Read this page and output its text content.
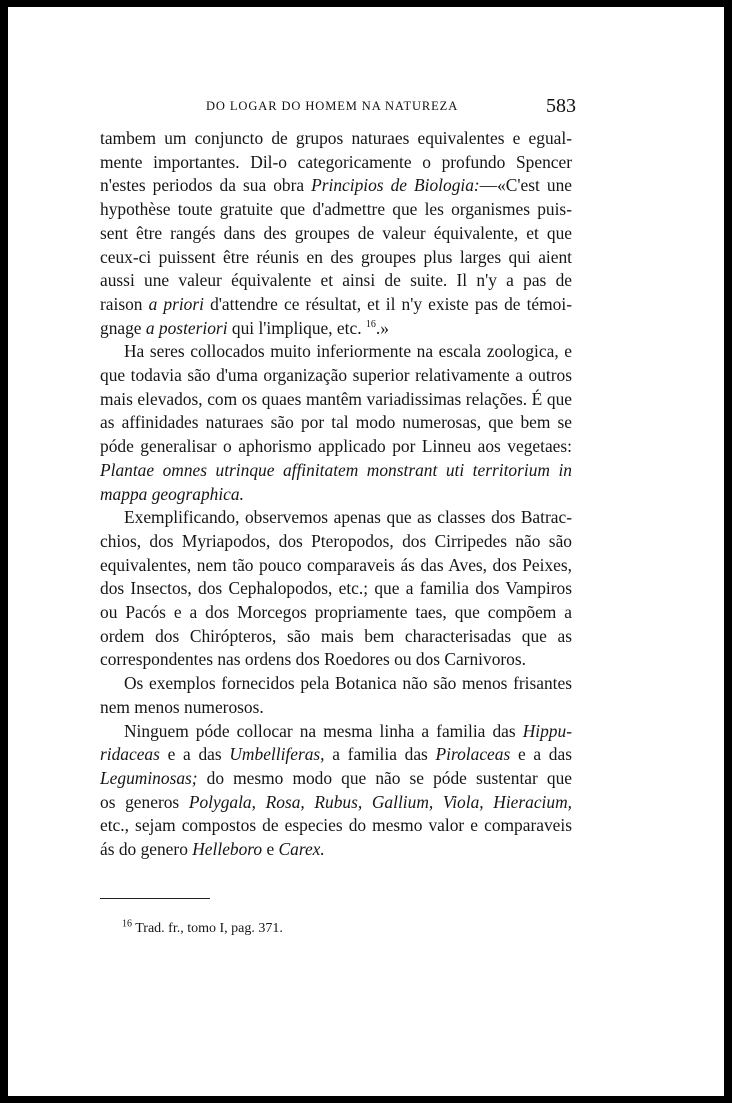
DO LOGAR DO HOMEM NA NATUREZA	583
tambem um conjuncto de grupos naturaes equivalentes e egual-
mente importantes. Dil-o categoricamente o profundo Spencer
n'estes periodos da sua obra Principios de Biologia:—«C'est une
hypothèse toute gratuite que d'admettre que les organismes puis-
sent être rangés dans des groupes de valeur équivalente, et que
ceux-ci puissent être réunis en des groupes plus larges qui aient
aussi une valeur équivalente et ainsi de suite. Il n'y a pas de
raison a priori d'attendre ce résultat, et il n'y existe pas de témoi-
gnage a posteriori qui l'implique, etc. $^{16}$.»
Ha seres collocados muito inferiormente na escala zoologica, e
que todavia são d'uma organização superior relativamente a outros
mais elevados, com os quaes mantêm variadissimas relações. É que
as affinidades naturaes são por tal modo numerosas, que bem se
póde generalisar o aphorismo applicado por Linneu aos vegetaes:
Plantae omnes utrinque affinitatem monstrant uti territorium in
mappa geographica.
Exemplificando, observemos apenas que as classes dos Batrac-
chios, dos Myriapodos, dos Pteropodos, dos Cirripedes não são
equivalentes, nem tão pouco comparaveis ás das Aves, dos Peixes,
dos Insectos, dos Cephalopodos, etc.; que a familia dos Vampiros
ou Pacós e a dos Morcegos propriamente taes, que compõem a
ordem dos Chirópteros, são mais bem characterisadas que as
correspondentes nas ordens dos Roedores ou dos Carnivoros.
Os exemplos fornecidos pela Botanica não são menos frisantes
nem menos numerosos.
Ninguem póde collocar na mesma linha a familia das Hippu-
ridaceas e a das Umbelliferas, a familia das Pirolaceas e a das
Leguminosas; do mesmo modo que não se póde sustentar que
os generos Polygala, Rosa, Rubus, Gallium, Viola, Hieracium,
etc., sejam compostos de especies do mesmo valor e comparaveis
ás do genero Helleboro e Carex.
$^{16}$ Trad. fr., tomo I, pag. 371.
